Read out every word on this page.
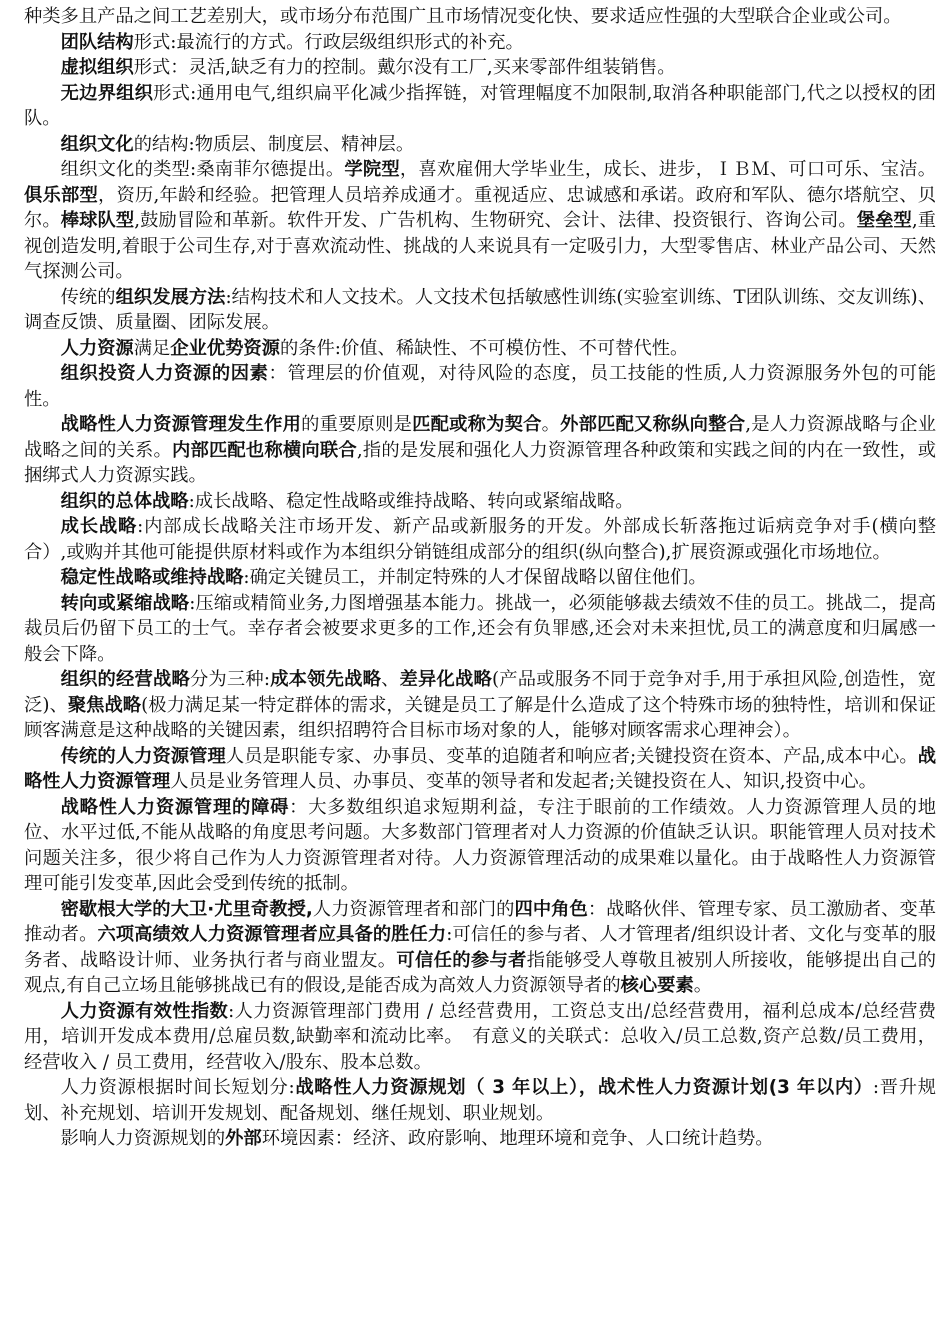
种类多且产品之间工艺差别大，或市场分布范围广且市场情况变化快、要求适应性强的大型联合企业或公司。

团队结构形式:最流行的方式。行政层级组织形式的补充。

虚拟组织形式：灵活,缺乏有力的控制。戴尔没有工厂,买来零部件组装销售。

无边界组织形式:通用电气,组织扁平化减少指挥链，对管理幅度不加限制,取消各种职能部门,代之以授权的团队。

组织文化的结构:物质层、制度层、精神层。

组织文化的类型:桑南菲尔德提出。学院型，喜欢雇佣大学毕业生，成长、进步，ＩＢＭ、可口可乐、宝洁。俱乐部型，资历,年龄和经验。把管理人员培养成通才。重视适应、忠诚感和承诺。政府和军队、德尔塔航空、贝尔。棒球队型,鼓励冒险和革新。软件开发、广告机构、生物研究、会计、法律、投资银行、咨询公司。堡垒型,重视创造发明,着眼于公司生存,对于喜欢流动性、挑战的人来说具有一定吸引力，大型零售店、林业产品公司、天然气探测公司。

传统的组织发展方法:结构技术和人文技术。人文技术包括敏感性训练(实验室训练、T团队训练、交友训练)、调查反馈、质量圈、团际发展。

人力资源满足企业优势资源的条件:价值、稀缺性、不可模仿性、不可替代性。

组织投资人力资源的因素：管理层的价值观，对待风险的态度，员工技能的性质,人力资源服务外包的可能性。

战略性人力资源管理发生作用的重要原则是匹配或称为契合。外部匹配又称纵向整合,是人力资源战略与企业战略之间的关系。内部匹配也称横向联合,指的是发展和强化人力资源管理各种政策和实践之间的内在一致性，或捆绑式人力资源实践。

组织的总体战略:成长战略、稳定性战略或维持战略、转向或紧缩战略。

成长战略:内部成长战略关注市场开发、新产品或新服务的开发。外部成长斩落拖过诟病竞争对手(横向整合）,或购并其他可能提供原材料或作为本组织分销链组成部分的组织(纵向整合),扩展资源或强化市场地位。

稳定性战略或维持战略:确定关键员工，并制定特殊的人才保留战略以留住他们。

转向或紧缩战略:压缩或精简业务,力图增强基本能力。挑战一，必须能够裁去绩效不佳的员工。挑战二，提高裁员后仍留下员工的士气。幸存者会被要求更多的工作,还会有负罪感,还会对未来担忧,员工的满意度和归属感一般会下降。

组织的经营战略分为三种:成本领先战略、差异化战略(产品或服务不同于竞争对手,用于承担风险,创造性，宽泛)、聚焦战略(极力满足某一特定群体的需求，关键是员工了解是什么造成了这个特殊市场的独特性，培训和保证顾客满意是这种战略的关键因素，组织招聘符合目标市场对象的人，能够对顾客需求心理神会）。

传统的人力资源管理人员是职能专家、办事员、变革的追随者和响应者;关键投资在资本、产品,成本中心。战略性人力资源管理人员是业务管理人员、办事员、变革的领导者和发起者;关键投资在人、知识,投资中心。

战略性人力资源管理的障碍：大多数组织追求短期利益，专注于眼前的工作绩效。人力资源管理人员的地位、水平过低,不能从战略的角度思考问题。大多数部门管理者对人力资源的价值缺乏认识。职能管理人员对技术问题关注多，很少将自己作为人力资源管理者对待。人力资源管理活动的成果难以量化。由于战略性人力资源管理可能引发变革,因此会受到传统的抵制。

密歇根大学的大卫·尤里奇教授,人力资源管理者和部门的四中角色：战略伙伴、管理专家、员工激励者、变革推动者。六项高绩效人力资源管理者应具备的胜任力:可信任的参与者、人才管理者/组织设计者、文化与变革的服务者、战略设计师、业务执行者与商业盟友。可信任的参与者指能够受人尊敬且被别人所接收，能够提出自己的观点,有自己立场且能够挑战已有的假设,是能否成为高效人力资源领导者的核心要素。

人力资源有效性指数:人力资源管理部门费用 / 总经营费用，工资总支出/总经营费用，福利总成本/总经营费用，培训开发成本费用/总雇员数,缺勤率和流动比率。　有意义的关联式：总收入/员工总数,资产总数/员工费用，经营收入 / 员工费用，经营收入/股东、股本总数。

人力资源根据时间长短划分:战略性人力资源规划（ 3 年以上），战术性人力资源计划(3 年以内）:晋升规划、补充规划、培训开发规划、配备规划、继任规划、职业规划。

影响人力资源规划的外部环境因素：经济、政府影响、地理环境和竞争、人口统计趋势。
